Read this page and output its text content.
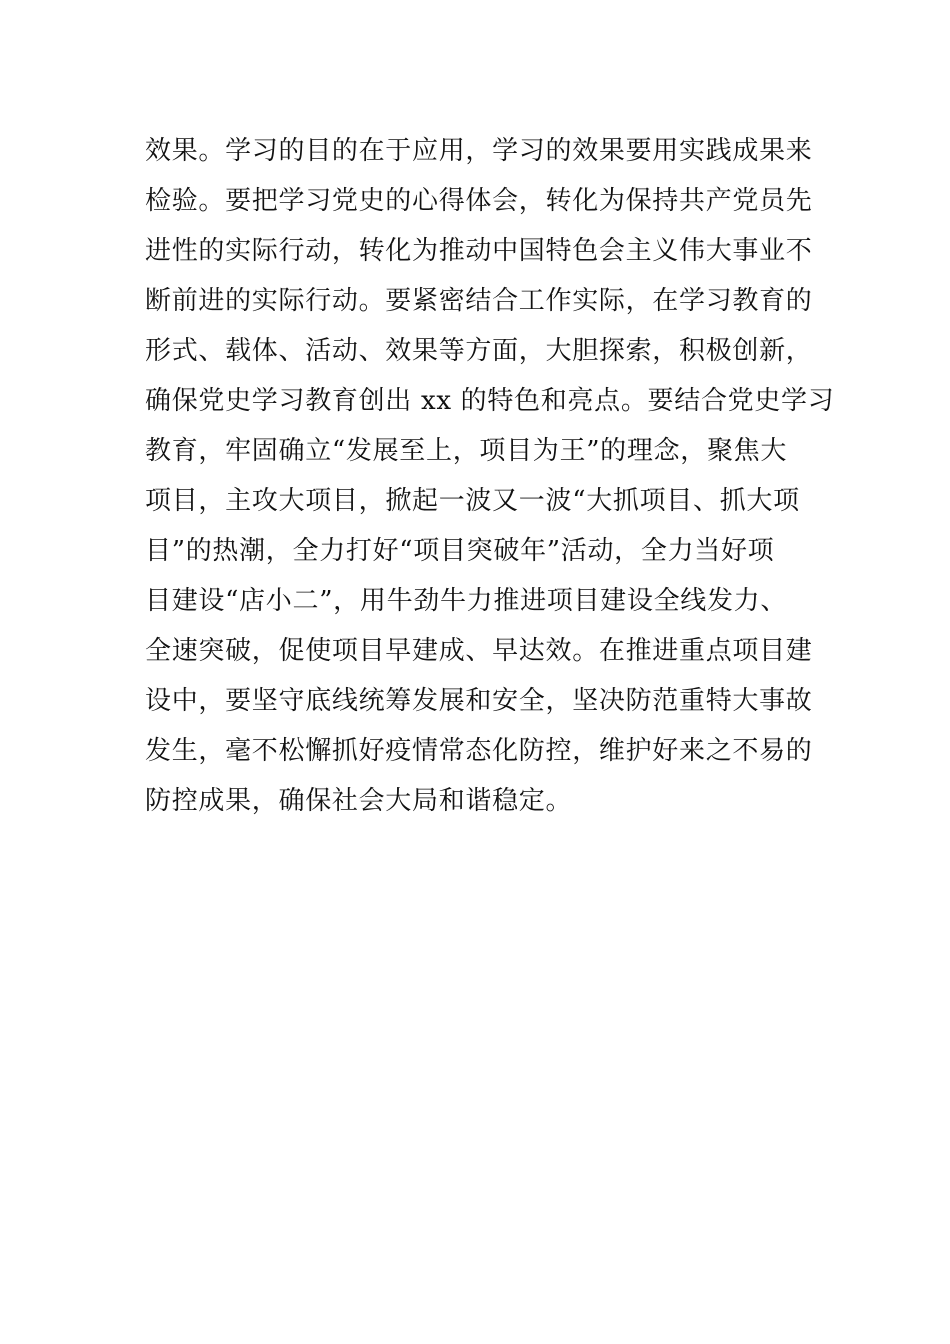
效果。学习的目的在于应用，学习的效果要用实践成果来
检验。要把学习党史的心得体会，转化为保持共产党员先
进性的实际行动，转化为推动中国特色会主义伟大事业不
断前进的实际行动。要紧密结合工作实际，在学习教育的
形式、载体、活动、效果等方面，大胆探索，积极创新，
确保党史学习教育创出 xx 的特色和亮点。要结合党史学习
教育，牢固确立“发展至上，项目为王”的理念，聚焦大
项目，主攻大项目，掀起一波又一波“大抓项目、抓大项
目”的热潮，全力打好“项目突破年”活动，全力当好项
目建设“店小二”，用牛劲牛力推进项目建设全线发力、
全速突破，促使项目早建成、早达效。在推进重点项目建
设中，要坚守底线统筹发展和安全，坚决防范重特大事故
发生，毫不松懈抓好疫情常态化防控，维护好来之不易的
防控成果，确保社会大局和谐稳定。
